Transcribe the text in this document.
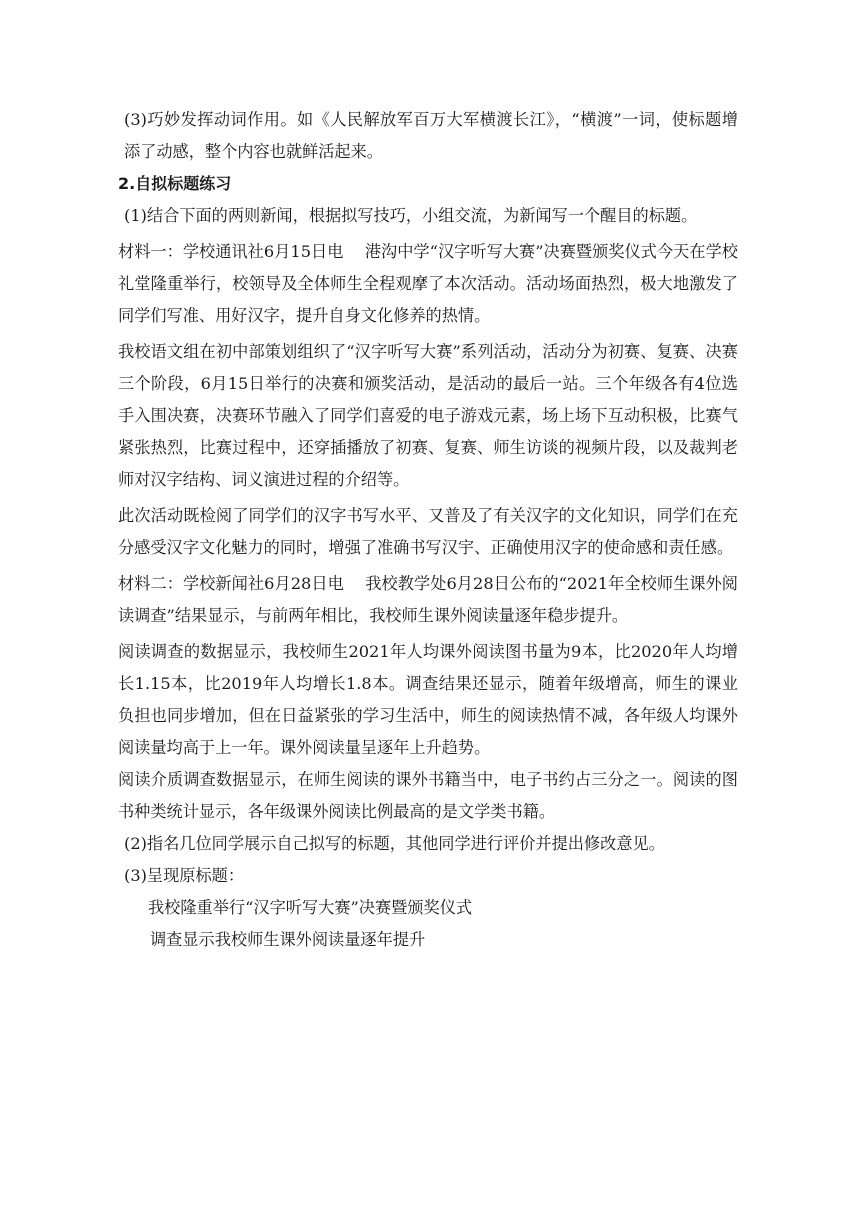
(3)巧妙发挥动词作用。如《人民解放军百万大军横渡长江》，“横渡”一词，使标题增添了动感，整个内容也就鲜活起来。

2.自拟标题练习

(1)结合下面的两则新闻，根据拟写技巧，小组交流，为新闻写一个醒目的标题。

材料一：学校通讯社6月15日电　 港沟中学“汉字听写大赛”决赛暨颁奖仪式今天在学校礼堂隆重举行，校领导及全体师生全程观摩了本次活动。活动场面热烈，极大地激发了同学们写准、用好汉字，提升自身文化修养的热情。

我校语文组在初中部策划组织了“汉字听写大赛”系列活动，活动分为初赛、复赛、决赛三个阶段，6月15日举行的决赛和颁奖活动，是活动的最后一站。三个年级各有4位选手入围决赛，决赛环节融入了同学们喜爱的电子游戏元素，场上场下互动积极，比赛气紧张热烈，比赛过程中，还穿插播放了初赛、复赛、师生访谈的视频片段，以及裁判老师对汉字结构、词义演进过程的介绍等。

此次活动既检阅了同学们的汉字书写水平、又普及了有关汉字的文化知识，同学们在充分感受汉字文化魅力的同时，增强了准确书写汉宇、正确使用汉字的使命感和责任感。

材料二：学校新闻社6月28日电　 我校教学处6月28日公布的“2021年全校师生课外阅读调查”结果显示，与前两年相比，我校师生课外阅读量逐年稳步提升。

阅读调查的数据显示，我校师生2021年人均课外阅读图书量为9本，比2020年人均增长1.15本，比2019年人均增长1.8本。调查结果还显示，随着年级增高，师生的课业负担也同步增加，但在日益紧张的学习生活中，师生的阅读热情不减，各年级人均课外阅读量均高于上一年。课外阅读量呈逐年上升趋势。

阅读介质调查数据显示，在师生阅读的课外书籍当中，电子书约占三分之一。阅读的图书种类统计显示，各年级课外阅读比例最高的是文学类书籍。

(2)指名几位同学展示自己拟写的标题，其他同学进行评价并提出修改意见。

(3)呈现原标题：

我校隆重举行“汉字听写大赛”决赛暨颁奖仪式

调查显示我校师生课外阅读量逐年提升
